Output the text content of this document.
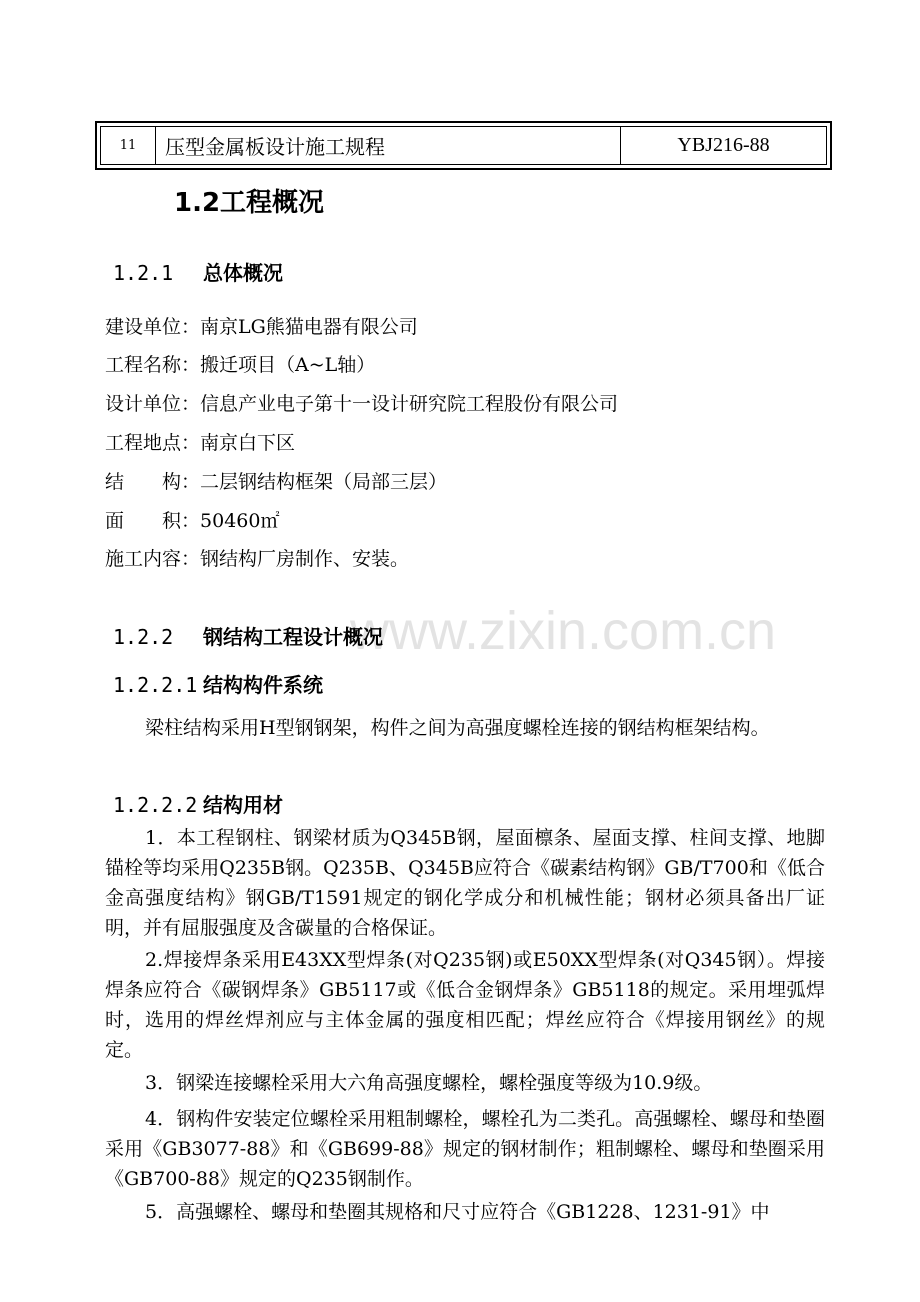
www.zixin.com.cn
11	压型金属板设计施工规程	YBJ216-88
1.2工程概况
1.2.1 总体概况
建设单位：南京LG熊猫电器有限公司
工程名称：搬迁项目（A~L轴）
设计单位：信息产业电子第十一设计研究院工程股份有限公司
工程地点：南京白下区
结　　构：二层钢结构框架（局部三层）
面　　积：50460㎡
施工内容：钢结构厂房制作、安装。
1.2.2 钢结构工程设计概况
1.2.2.1 结构构件系统
梁柱结构采用H型钢钢架，构件之间为高强度螺栓连接的钢结构框架结构。
1.2.2.2 结构用材
1．本工程钢柱、钢梁材质为Q345B钢，屋面檩条、屋面支撑、柱间支撑、地脚锚栓等均采用Q235B钢。Q235B、Q345B应符合《碳素结构钢》GB/T700和《低合金高强度结构》钢GB/T1591规定的钢化学成分和机械性能；钢材必须具备出厂证明，并有屈服强度及含碳量的合格保证。
2.焊接焊条采用E43XX型焊条(对Q235钢)或E50XX型焊条(对Q345钢）。焊接焊条应符合《碳钢焊条》GB5117或《低合金钢焊条》GB5118的规定。采用埋弧焊时，选用的焊丝焊剂应与主体金属的强度相匹配；焊丝应符合《焊接用钢丝》的规定。
3．钢梁连接螺栓采用大六角高强度螺栓，螺栓强度等级为10.9级。
4．钢构件安装定位螺栓采用粗制螺栓，螺栓孔为二类孔。高强螺栓、螺母和垫圈采用《GB3077-88》和《GB699-88》规定的钢材制作；粗制螺栓、螺母和垫圈采用《GB700-88》规定的Q235钢制作。
5．高强螺栓、螺母和垫圈其规格和尺寸应符合《GB1228、1231-91》中
